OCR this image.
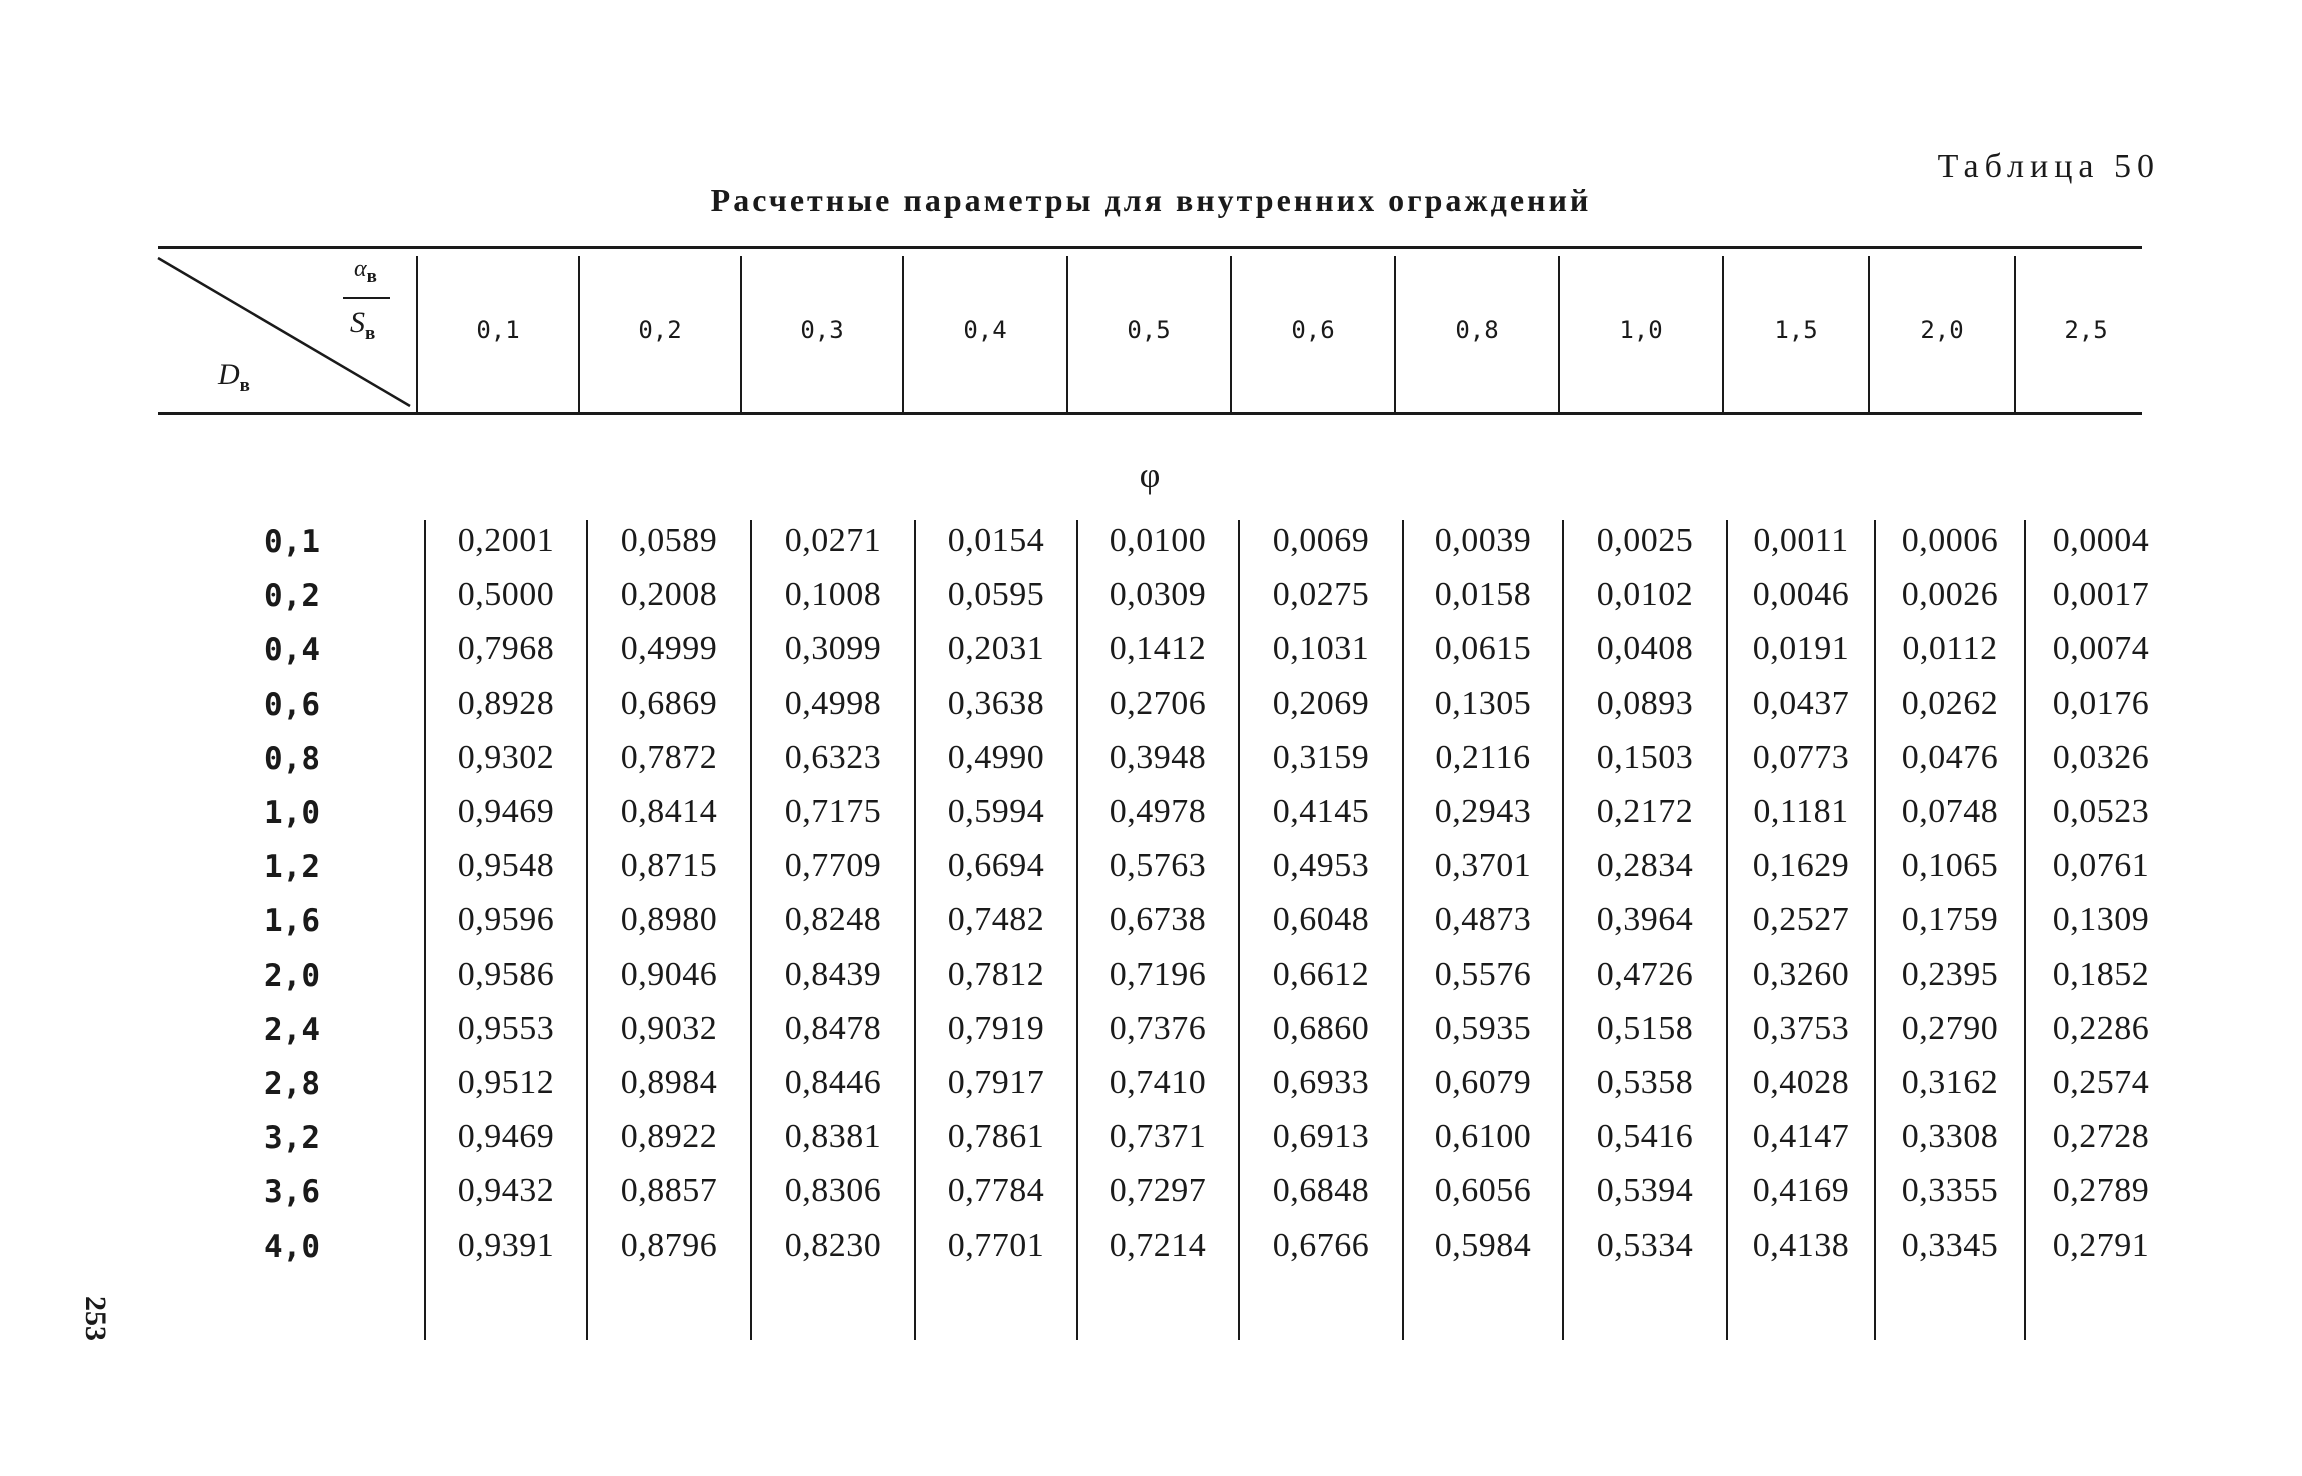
Таблица 50
Расчетные параметры для внутренних ограждений
$\alpha_в$
$S_в$
$D_в$
0,1	0,2	0,3	0,4	0,5	0,6	0,8	1,0	1,5	2,0	2,5
φ
0,1	0,2001	0,0589	0,0271	0,0154	0,0100	0,0069	0,0039	0,0025	0,0011	0,0006	0,0004
0,2	0,5000	0,2008	0,1008	0,0595	0,0309	0,0275	0,0158	0,0102	0,0046	0,0026	0,0017
0,4	0,7968	0,4999	0,3099	0,2031	0,1412	0,1031	0,0615	0,0408	0,0191	0,0112	0,0074
0,6	0,8928	0,6869	0,4998	0,3638	0,2706	0,2069	0,1305	0,0893	0,0437	0,0262	0,0176
0,8	0,9302	0,7872	0,6323	0,4990	0,3948	0,3159	0,2116	0,1503	0,0773	0,0476	0,0326
1,0	0,9469	0,8414	0,7175	0,5994	0,4978	0,4145	0,2943	0,2172	0,1181	0,0748	0,0523
1,2	0,9548	0,8715	0,7709	0,6694	0,5763	0,4953	0,3701	0,2834	0,1629	0,1065	0,0761
1,6	0,9596	0,8980	0,8248	0,7482	0,6738	0,6048	0,4873	0,3964	0,2527	0,1759	0,1309
2,0	0,9586	0,9046	0,8439	0,7812	0,7196	0,6612	0,5576	0,4726	0,3260	0,2395	0,1852
2,4	0,9553	0,9032	0,8478	0,7919	0,7376	0,6860	0,5935	0,5158	0,3753	0,2790	0,2286
2,8	0,9512	0,8984	0,8446	0,7917	0,7410	0,6933	0,6079	0,5358	0,4028	0,3162	0,2574
3,2	0,9469	0,8922	0,8381	0,7861	0,7371	0,6913	0,6100	0,5416	0,4147	0,3308	0,2728
3,6	0,9432	0,8857	0,8306	0,7784	0,7297	0,6848	0,6056	0,5394	0,4169	0,3355	0,2789
4,0	0,9391	0,8796	0,8230	0,7701	0,7214	0,6766	0,5984	0,5334	0,4138	0,3345	0,2791
253
